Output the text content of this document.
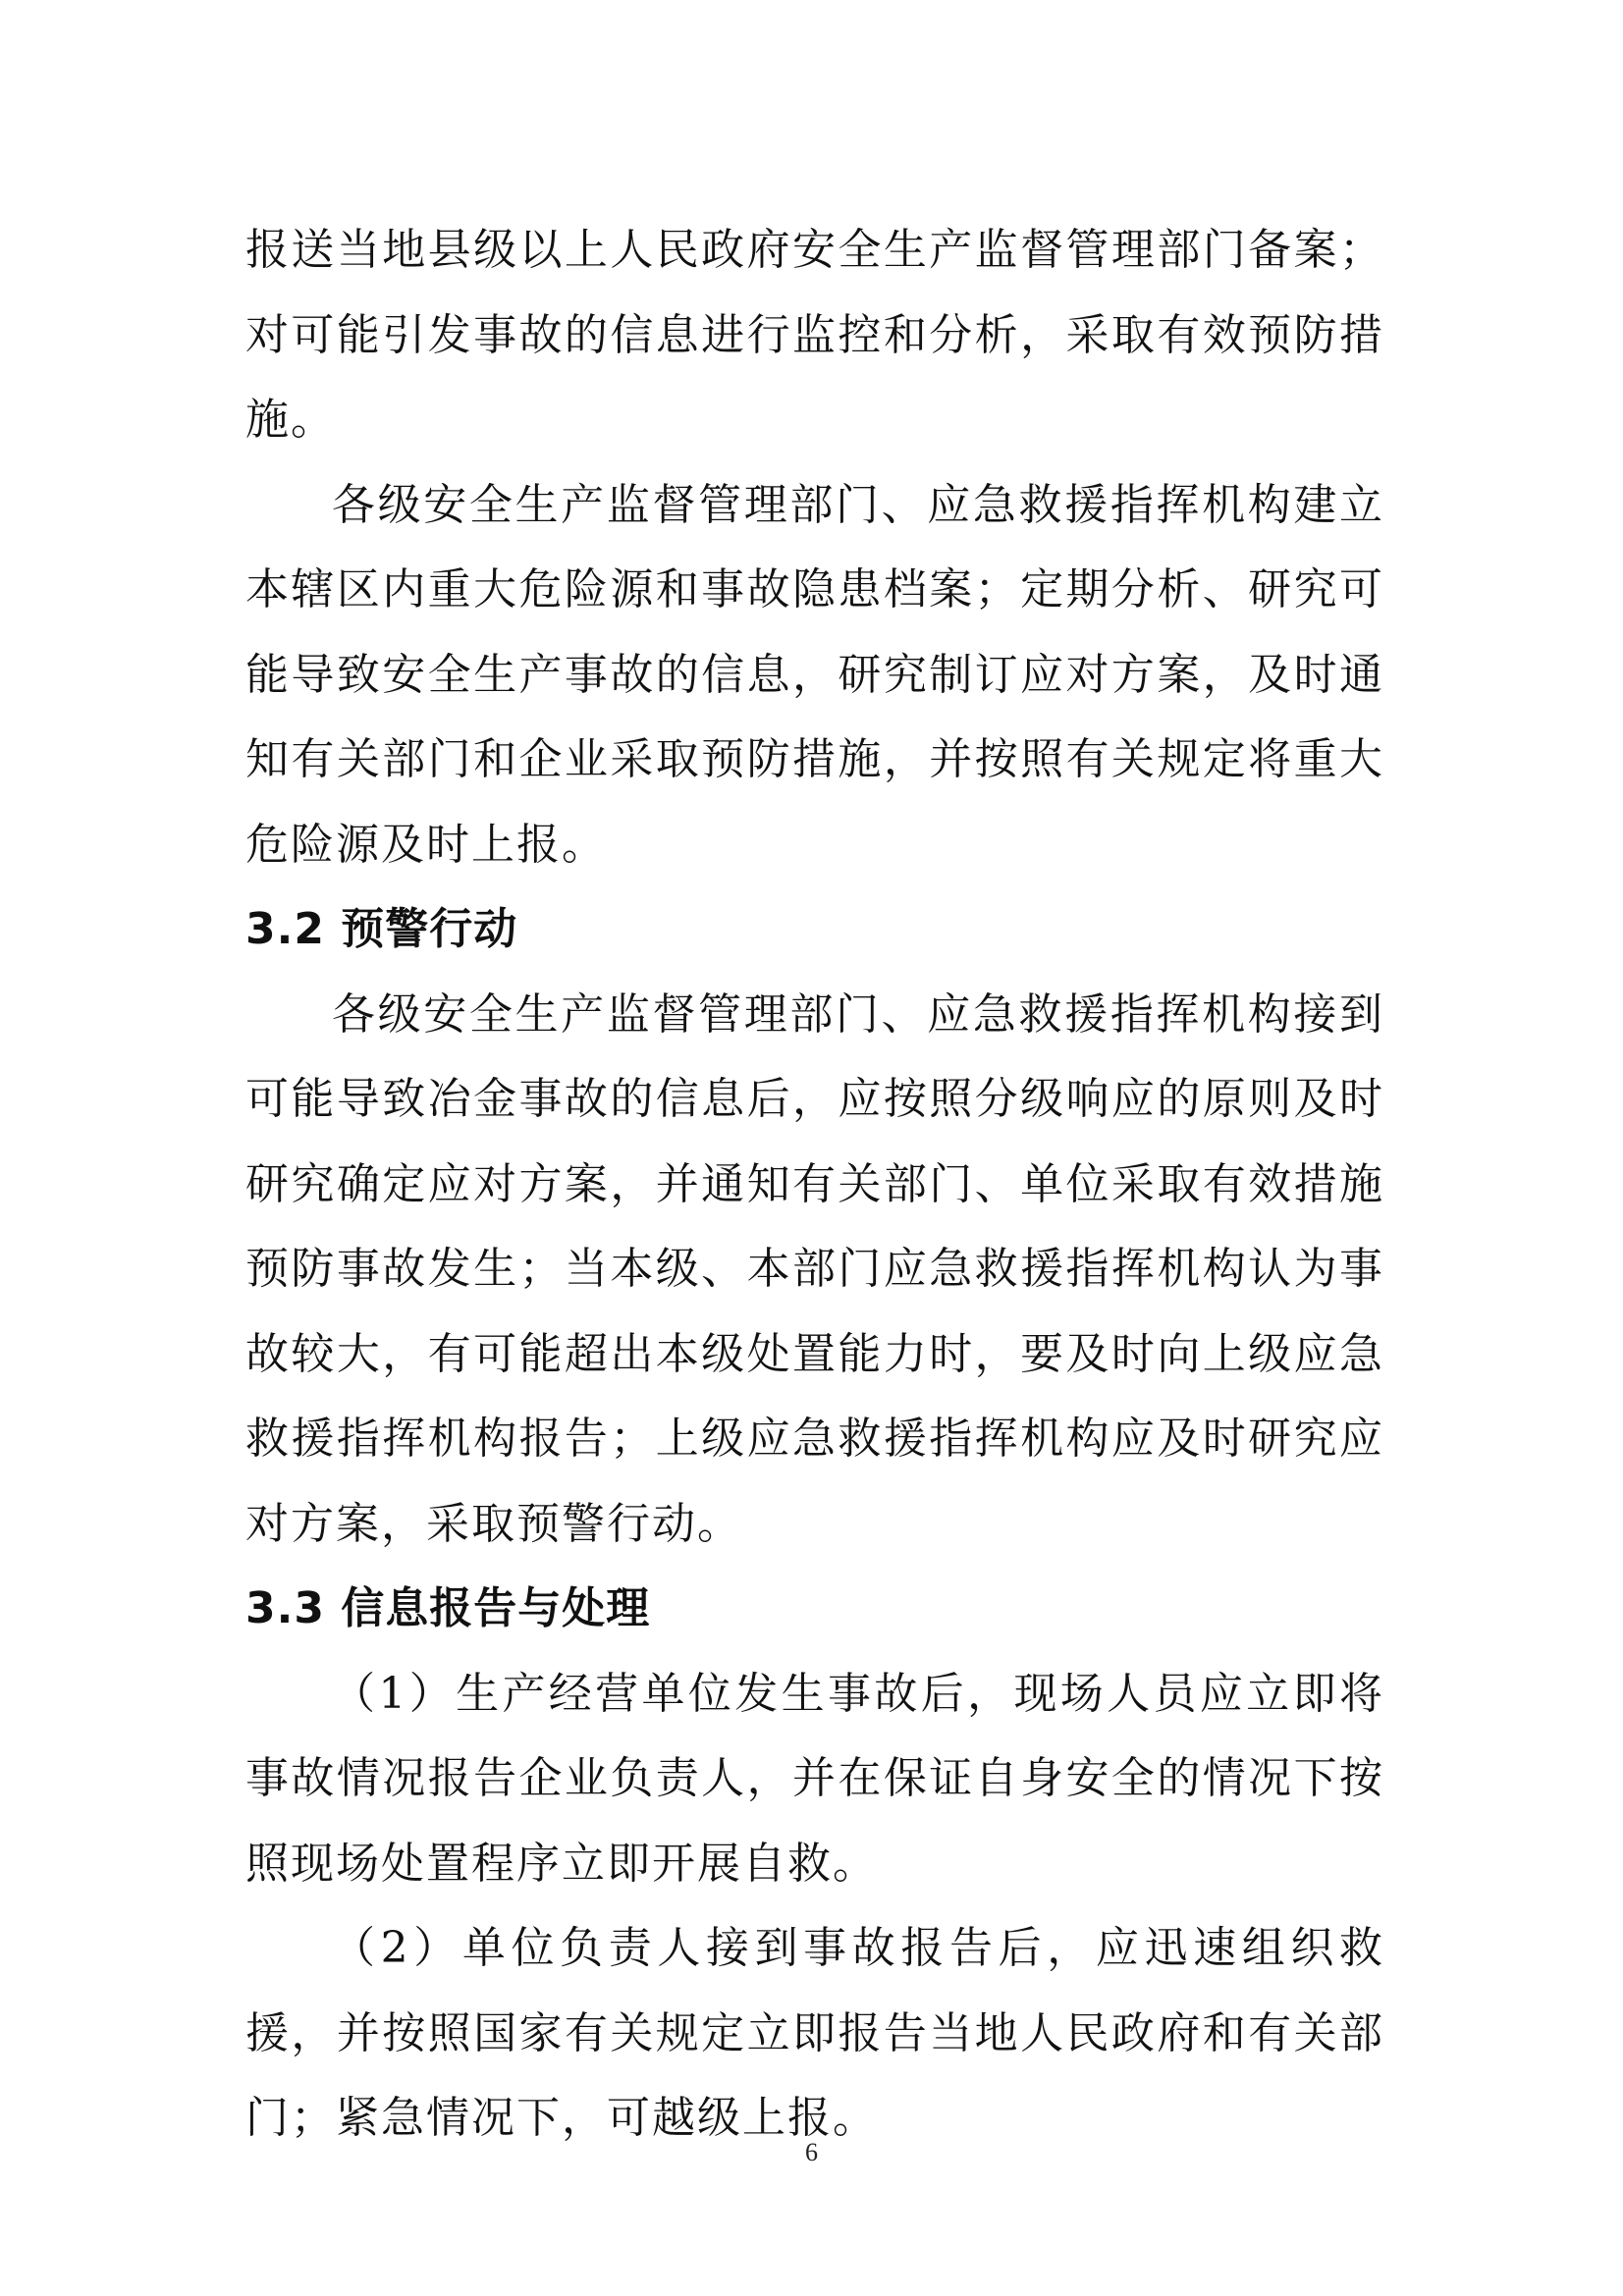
报送当地县级以上人民政府安全生产监督管理部门备案；对可能引发事故的信息进行监控和分析，采取有效预防措施。

各级安全生产监督管理部门、应急救援指挥机构建立本辖区内重大危险源和事故隐患档案；定期分析、研究可能导致安全生产事故的信息，研究制订应对方案，及时通知有关部门和企业采取预防措施，并按照有关规定将重大危险源及时上报。

3.2 预警行动

各级安全生产监督管理部门、应急救援指挥机构接到可能导致冶金事故的信息后，应按照分级响应的原则及时研究确定应对方案，并通知有关部门、单位采取有效措施预防事故发生；当本级、本部门应急救援指挥机构认为事故较大，有可能超出本级处置能力时，要及时向上级应急救援指挥机构报告；上级应急救援指挥机构应及时研究应对方案，采取预警行动。

3.3 信息报告与处理

（1）生产经营单位发生事故后，现场人员应立即将事故情况报告企业负责人，并在保证自身安全的情况下按照现场处置程序立即开展自救。

（2）单位负责人接到事故报告后，应迅速组织救援，并按照国家有关规定立即报告当地人民政府和有关部门；紧急情况下，可越级上报。

6
